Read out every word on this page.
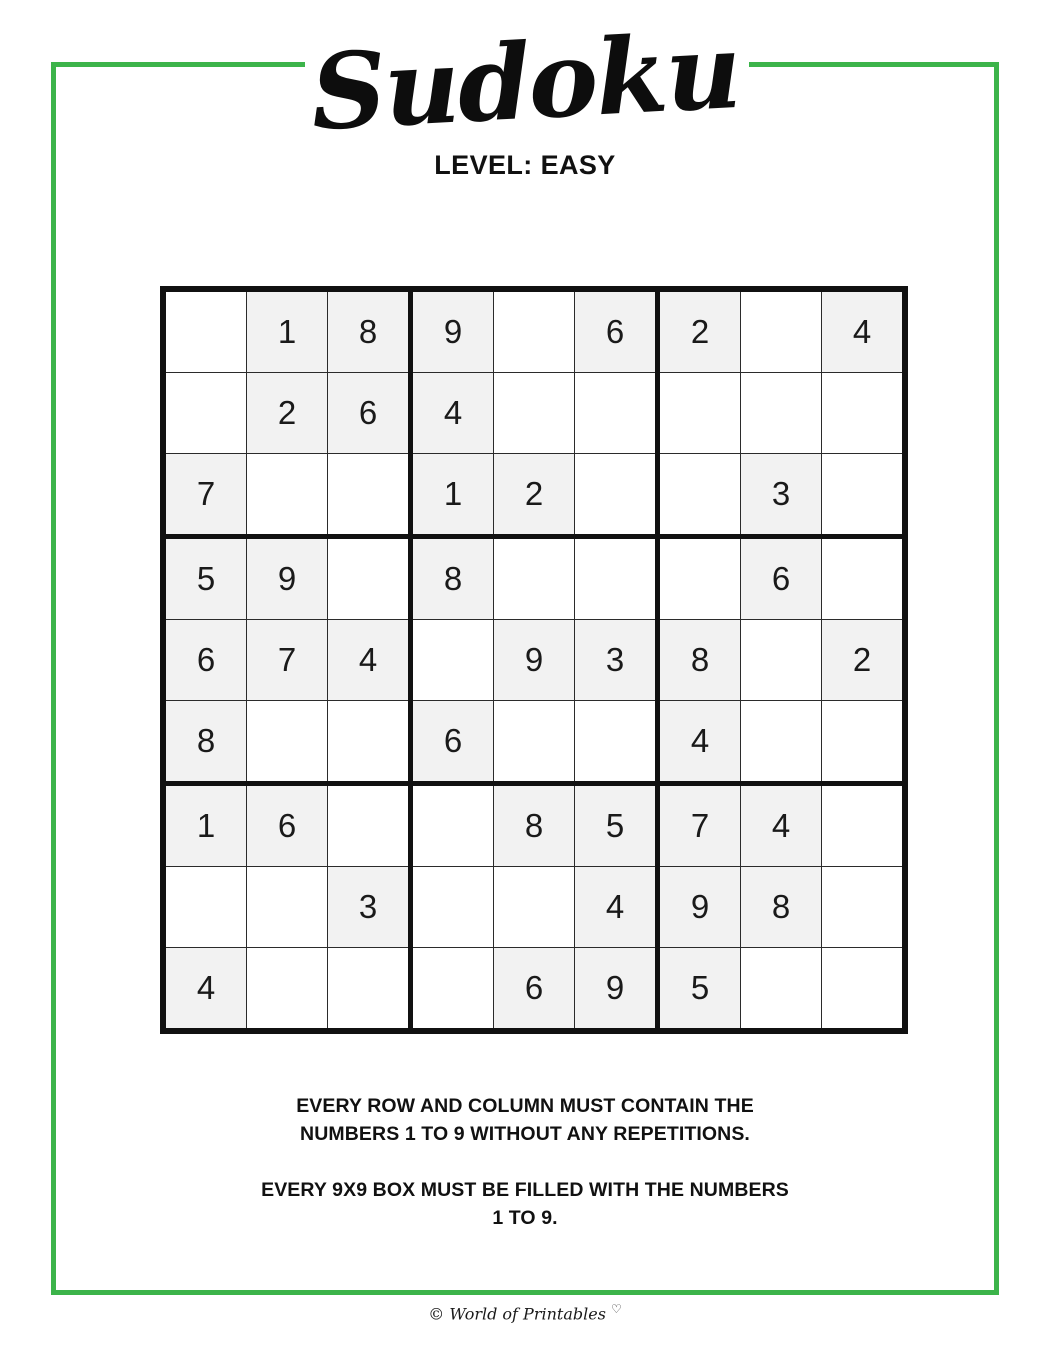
Sudoku
LEVEL: EASY
	1	8	9		6	2		4
	2	6	4					
7			1	2			3	
5	9		8				6	
6	7	4		9	3	8		2
8			6			4		
1	6			8	5	7	4	
		3			4	9	8	
4				6	9	5		

EVERY ROW AND COLUMN MUST CONTAIN THE
NUMBERS 1 TO 9 WITHOUT ANY REPETITIONS.

EVERY 9X9 BOX MUST BE FILLED WITH THE NUMBERS
1 TO 9.

© World of Printables ♡
